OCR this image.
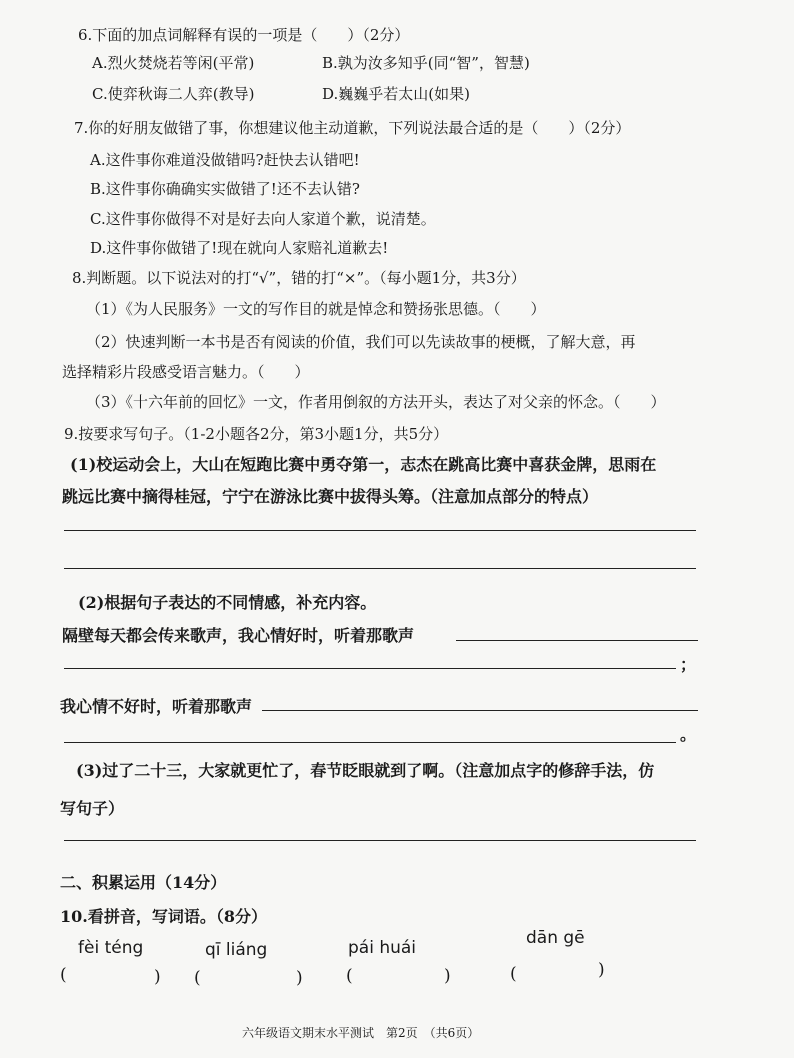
6.下面的加点词解释有误的一项是（　　）（2分）
A.烈火焚烧若等闲(平常)	B.孰为汝多知乎(同“智”，智慧)
C.使弈秋诲二人弈(教导)	D.巍巍乎若太山(如果)
7.你的好朋友做错了事，你想建议他主动道歉，下列说法最合适的是（　　）（2分）
A.这件事你难道没做错吗?赶快去认错吧!
B.这件事你确确实实做错了!还不去认错?
C.这件事你做得不对是好去向人家道个歉，说清楚。
D.这件事你做错了!现在就向人家赔礼道歉去!
8.判断题。以下说法对的打“√”，错的打“×”。（每小题1分，共3分）
（1）《为人民服务》一文的写作目的就是悼念和赞扬张思德。（　　）
（2）快速判断一本书是否有阅读的价值，我们可以先读故事的梗概，了解大意，再
选择精彩片段感受语言魅力。（　　）
（3）《十六年前的回忆》一文，作者用倒叙的方法开头，表达了对父亲的怀念。（　　）
9.按要求写句子。（1-2小题各2分，第3小题1分，共5分）
(1)校运动会上，大山在短跑比赛中勇夺第一，志杰在跳高比赛中喜获金牌，思雨在
跳远比赛中摘得桂冠，宁宁在游泳比赛中拔得头筹。（注意加点部分的特点）
(2)根据句子表达的不同情感，补充内容。
隔壁每天都会传来歌声，我心情好时，听着那歌声
；
我心情不好时，听着那歌声
。
(3)过了二十三，大家就更忙了，春节眨眼就到了啊。（注意加点字的修辞手法，仿
写句子）
二、积累运用（14分）
10.看拼音，写词语。（8分）
fèi téng	qī liáng	pái huái	dān gē
(	) (	)	(	)	(	)
六年级语文期末水平测试　第2页　（共6页）
